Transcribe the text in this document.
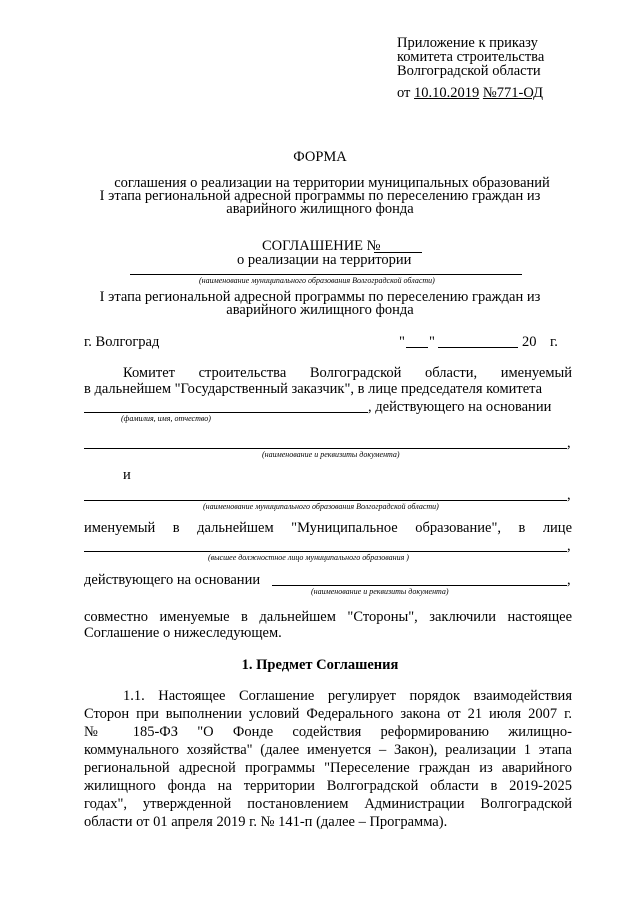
Приложение к приказу
комитета строительства
Волгоградской области
от 10.10.2019 №771-ОД
ФОРМА
соглашения о реализации на территории муниципальных образований
I этапа региональной адресной программы по переселению граждан из
аварийного жилищного фонда
СОГЛАШЕНИЕ №
о реализации на территории
(наименование муниципального образования Волгоградской области)
I этапа региональной адресной программы по переселению граждан из
аварийного жилищного фонда
г. Волгоград	" "	20 г.
Комитет строительства Волгоградской области, именуемый
в дальнейшем "Государственный заказчик", в лице председателя комитета
, действующего на основании
(фамилия, имя, отчество)
,
(наименование и реквизиты документа)
и
,
(наименование муниципального образования Волгоградской области)
именуемый в дальнейшем "Муниципальное образование", в лице
,
(высшее должностное лицо муниципального образования )
действующего на основании	,
(наименование и реквизиты документа)
совместно именуемые в дальнейшем "Стороны", заключили настоящее
Соглашение о нижеследующем.
1. Предмет Соглашения
1.1. Настоящее Соглашение регулирует порядок взаимодействия
Сторон при выполнении условий Федерального закона от 21 июля 2007 г.
№ 185-ФЗ "О Фонде содействия реформированию жилищно-
коммунального хозяйства" (далее именуется – Закон), реализации 1 этапа
региональной адресной программы "Переселение граждан из аварийного
жилищного фонда на территории Волгоградской области в 2019-2025
годах", утвержденной постановлением Администрации Волгоградской
области от 01 апреля 2019 г. № 141-п (далее – Программа).
